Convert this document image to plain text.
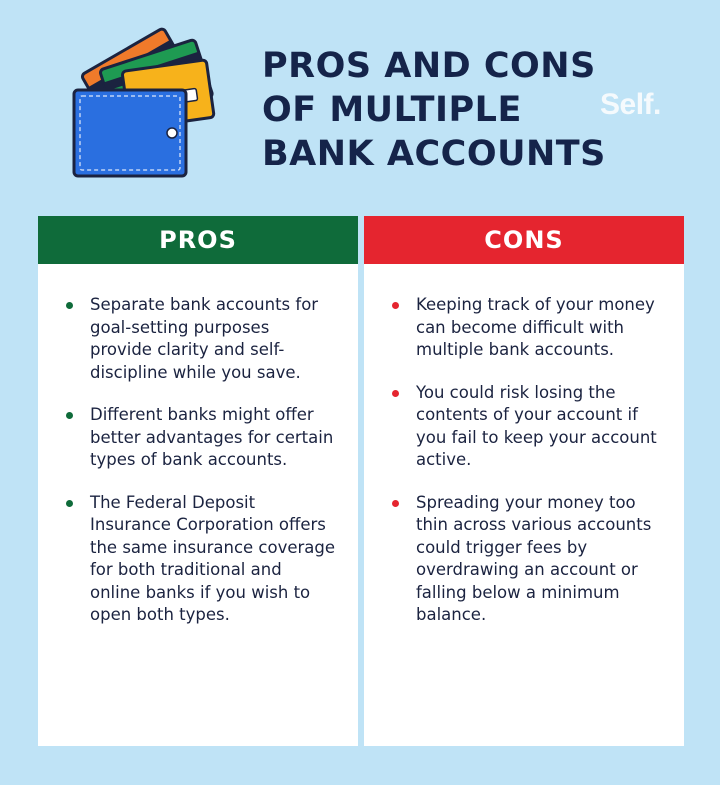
PROS AND CONS
OF MULTIPLE
BANK ACCOUNTS
Self.
PROS
Separate bank accounts for goal-setting purposes provide clarity and self-discipline while you save.
Different banks might offer better advantages for certain types of bank accounts.
The Federal Deposit Insurance Corporation offers the same insurance coverage for both traditional and online banks if you wish to open both types.
CONS
Keeping track of your money can become difficult with multiple bank accounts.
You could risk losing the contents of your account if you fail to keep your account active.
Spreading your money too thin across various accounts could trigger fees by overdrawing an account or falling below a minimum balance.
